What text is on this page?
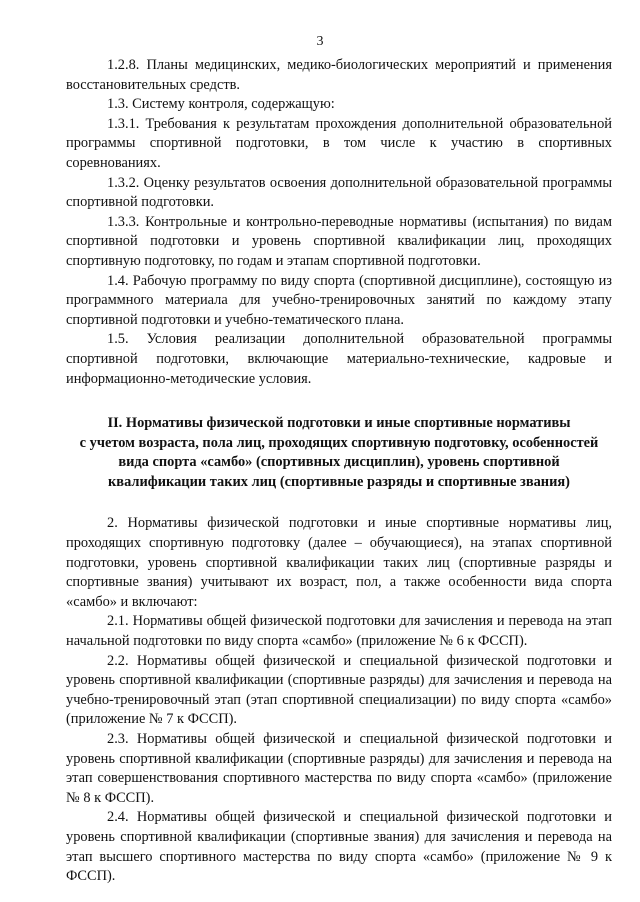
3

1.2.8. Планы медицинских, медико-биологических мероприятий и применения восстановительных средств.

1.3. Систему контроля, содержащую:

1.3.1. Требования к результатам прохождения дополнительной образовательной программы спортивной подготовки, в том числе к участию в спортивных соревнованиях.

1.3.2. Оценку результатов освоения дополнительной образовательной программы спортивной подготовки.

1.3.3. Контрольные и контрольно-переводные нормативы (испытания) по видам спортивной подготовки и уровень спортивной квалификации лиц, проходящих спортивную подготовку, по годам и этапам спортивной подготовки.

1.4. Рабочую программу по виду спорта (спортивной дисциплине), состоящую из программного материала для учебно-тренировочных занятий по каждому этапу спортивной подготовки и учебно-тематического плана.

1.5. Условия реализации дополнительной образовательной программы спортивной подготовки, включающие материально-технические, кадровые и информационно-методические условия.

II. Нормативы физической подготовки и иные спортивные нормативы
с учетом возраста, пола лиц, проходящих спортивную подготовку, особенностей
вида спорта «самбо» (спортивных дисциплин), уровень спортивной
квалификации таких лиц (спортивные разряды и спортивные звания)

2. Нормативы физической подготовки и иные спортивные нормативы лиц, проходящих спортивную подготовку (далее – обучающиеся), на этапах спортивной подготовки, уровень спортивной квалификации таких лиц (спортивные разряды и спортивные звания) учитывают их возраст, пол, а также особенности вида спорта «самбо» и включают:

2.1. Нормативы общей физической подготовки для зачисления и перевода на этап начальной подготовки по виду спорта «самбо» (приложение № 6 к ФССП).

2.2. Нормативы общей физической и специальной физической подготовки и уровень спортивной квалификации (спортивные разряды) для зачисления и перевода на учебно-тренировочный этап (этап спортивной специализации) по виду спорта «самбо» (приложение № 7 к ФССП).

2.3. Нормативы общей физической и специальной физической подготовки и уровень спортивной квалификации (спортивные разряды) для зачисления и перевода на этап совершенствования спортивного мастерства по виду спорта «самбо» (приложение № 8 к ФССП).

2.4. Нормативы общей физической и специальной физической подготовки и уровень спортивной квалификации (спортивные звания) для зачисления и перевода на этап высшего спортивного мастерства по виду спорта «самбо» (приложение № 9 к ФССП).
